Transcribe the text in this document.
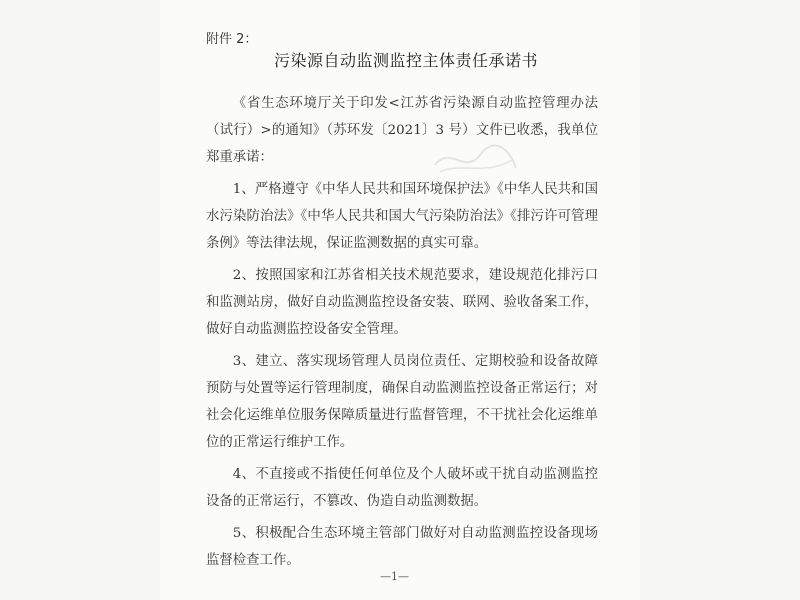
附件 2：
污染源自动监测监控主体责任承诺书

《省生态环境厅关于印发<江苏省污染源自动监控管理办法（试行）>的通知》（苏环发〔2021〕3 号）文件已收悉，我单位郑重承诺：

1、严格遵守《中华人民共和国环境保护法》《中华人民共和国水污染防治法》《中华人民共和国大气污染防治法》《排污许可管理条例》等法律法规，保证监测数据的真实可靠。

2、按照国家和江苏省相关技术规范要求，建设规范化排污口和监测站房，做好自动监测监控设备安装、联网、验收备案工作，做好自动监测监控设备安全管理。

3、建立、落实现场管理人员岗位责任、定期校验和设备故障预防与处置等运行管理制度，确保自动监测监控设备正常运行；对社会化运维单位服务保障质量进行监督管理，不干扰社会化运维单位的正常运行维护工作。

4、不直接或不指使任何单位及个人破坏或干扰自动监测监控设备的正常运行，不篡改、伪造自动监测数据。

5、积极配合生态环境主管部门做好对自动监测监控设备现场监督检查工作。

—1—
